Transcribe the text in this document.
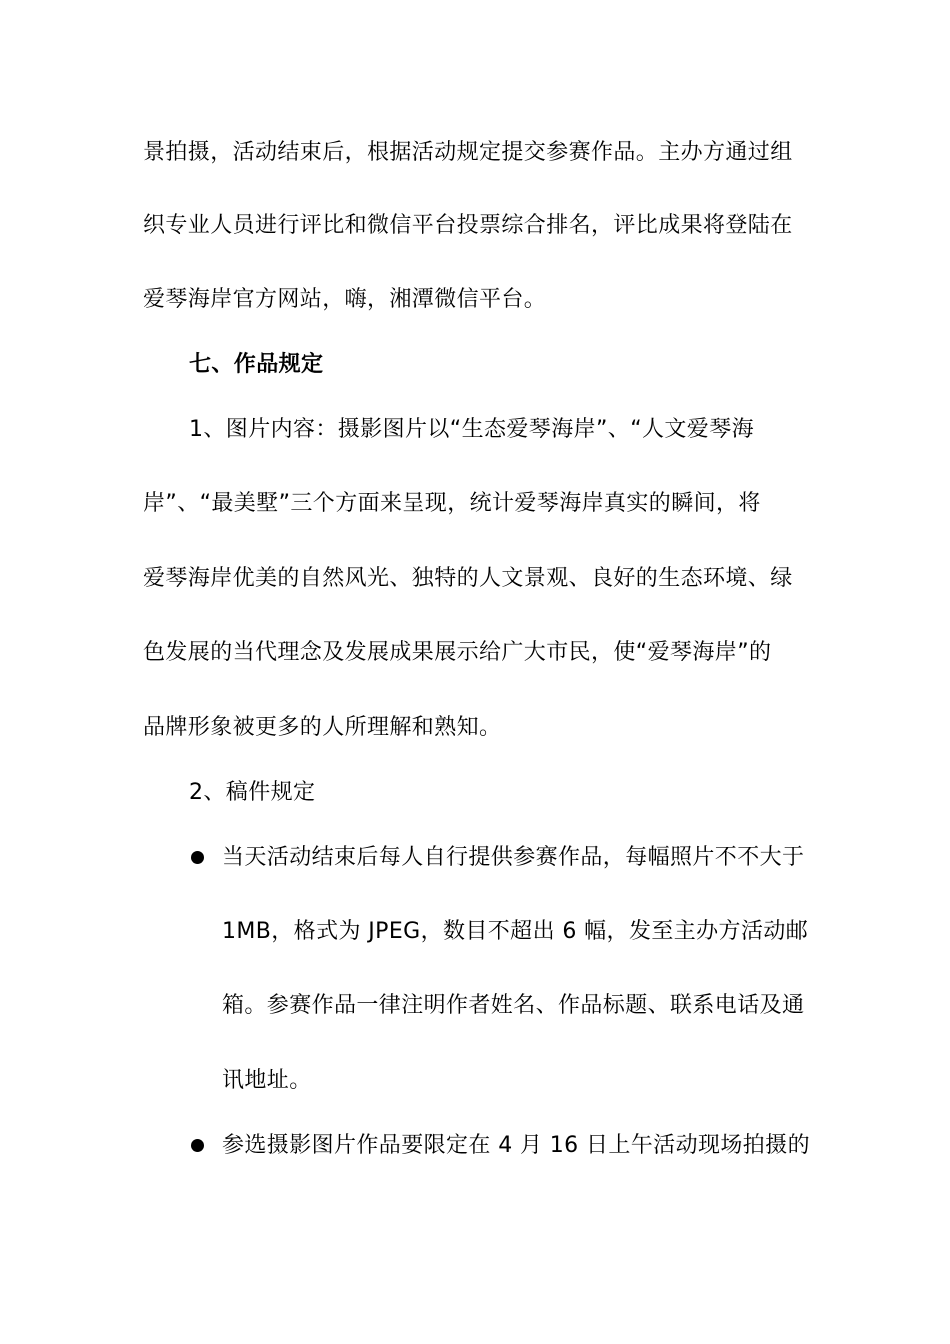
景拍摄，活动结束后，根据活动规定提交参赛作品。主办方通过组
织专业人员进行评比和微信平台投票综合排名，评比成果将登陆在
爱琴海岸官方网站，嗨，湘潭微信平台。
七、作品规定
1、图片内容：摄影图片以“生态爱琴海岸”、“人文爱琴海
岸”、“最美墅”三个方面来呈现，统计爱琴海岸真实的瞬间，将
爱琴海岸优美的自然风光、独特的人文景观、良好的生态环境、绿
色发展的当代理念及发展成果展示给广大市民，使“爱琴海岸”的
品牌形象被更多的人所理解和熟知。
2、稿件规定
当天活动结束后每人自行提供参赛作品，每幅照片不不大于
1MB，格式为 JPEG，数目不超出 6 幅，发至主办方活动邮
箱。参赛作品一律注明作者姓名、作品标题、联系电话及通
讯地址。
参选摄影图片作品要限定在 4 月 16 日上午活动现场拍摄的
